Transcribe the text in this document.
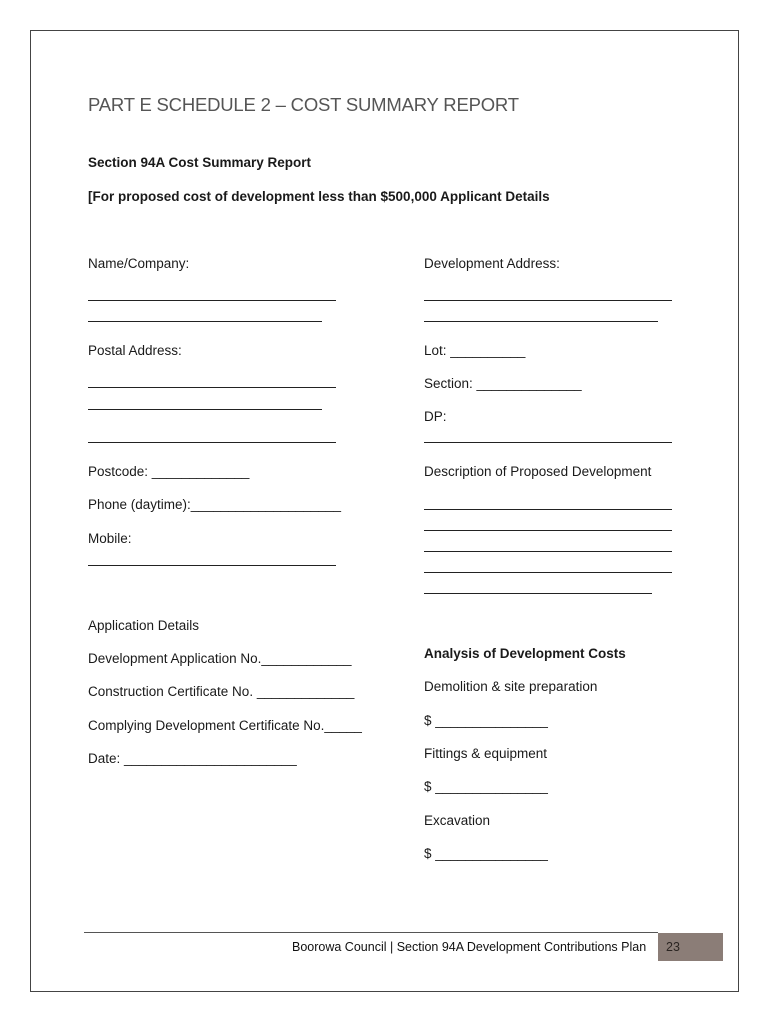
PART E SCHEDULE 2 – COST SUMMARY REPORT
Section 94A Cost Summary Report
[For proposed cost of development less than $500,000 Applicant Details
Name/Company:
Postal Address:
Postcode: _____________
Phone (daytime):____________________
Mobile:
Application Details
Development Application No.____________
Construction Certificate No. _____________
Complying Development Certificate No._____
Date: _______________________
Development Address:
Lot: __________
Section: ______________
DP:
Description of Proposed Development
Analysis of Development Costs
Demolition & site preparation
$ _______________
Fittings & equipment
$ _______________
Excavation
$ _______________
Boorowa Council | Section 94A Development Contributions Plan 23
